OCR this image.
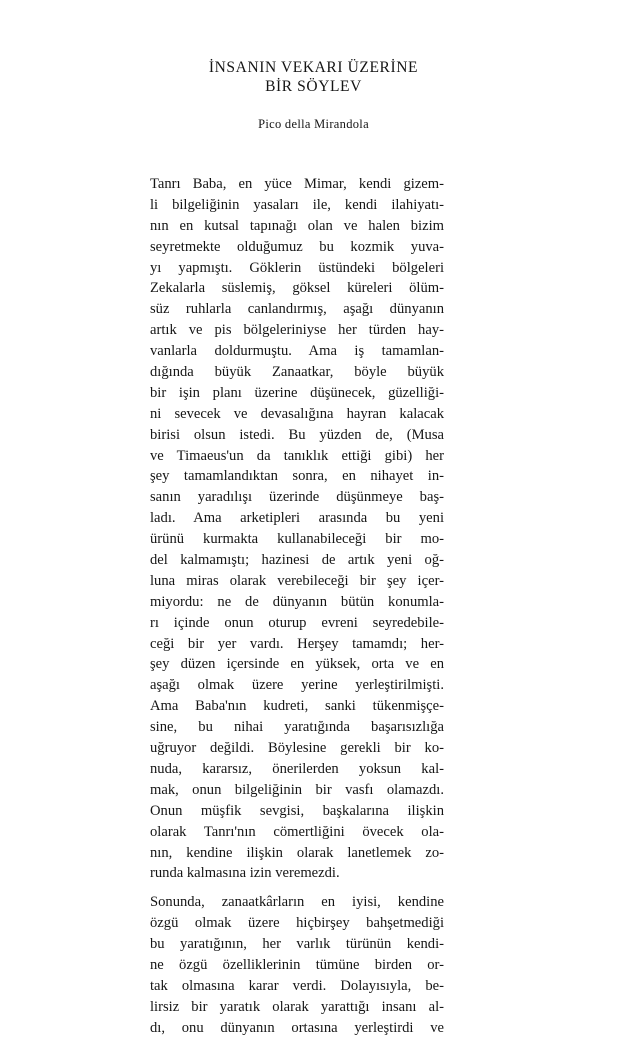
İNSANIN VEKARI ÜZERİNE
BİR SÖYLEV
Pico della Mirandola

Tanrı Baba, en yüce Mimar, kendi gizem-
li bilgeliğinin yasaları ile, kendi ilahiyatı-
nın en kutsal tapınağı olan ve halen bizim
seyretmekte olduğumuz bu kozmik yuva-
yı yapmıştı. Göklerin üstündeki bölgeleri
Zekalarla süslemiş, göksel küreleri ölüm-
süz ruhlarla canlandırmış, aşağı dünyanın
artık ve pis bölgeleriniyse her türden hay-
vanlarla doldurmuştu. Ama iş tamamlan-
dığında büyük Zanaatkar, böyle büyük
bir işin planı üzerine düşünecek, güzelliği-
ni sevecek ve devasalığına hayran kalacak
birisi olsun istedi. Bu yüzden de, (Musa
ve Timaeus'un da tanıklık ettiği gibi) her
şey tamamlandıktan sonra, en nihayet in-
sanın yaradılışı üzerinde düşünmeye baş-
ladı. Ama arketipleri arasında bu yeni
ürünü kurmakta kullanabileceği bir mo-
del kalmamıştı; hazinesi de artık yeni oğ-
luna miras olarak verebileceği bir şey içer-
miyordu: ne de dünyanın bütün konumla-
rı içinde onun oturup evreni seyredebile-
ceği bir yer vardı. Herşey tamamdı; her-
şey düzen içersinde en yüksek, orta ve en
aşağı olmak üzere yerine yerleştirilmişti.
Ama Baba'nın kudreti, sanki tükenmişçe-
sine, bu nihai yaratığında başarısızlığa
uğruyor değildi. Böylesine gerekli bir ko-
nuda, kararsız, önerilerden yoksun kal-
mak, onun bilgeliğinin bir vasfı olamazdı.
Onun müşfik sevgisi, başkalarına ilişkin
olarak Tanrı'nın cömertliğini övecek ola-
nın, kendine ilişkin olarak lanetlemek zo-
runda kalmasına izin veremezdi.

Sonunda, zanaatkârların en iyisi, kendine
özgü olmak üzere hiçbirşey bahşetmediği
bu yaratığının, her varlık türünün kendi-
ne özgü özelliklerinin tümüne birden or-
tak olmasına karar verdi. Dolayısıyla, be-
lirsiz bir yaratık olarak yarattığı insanı al-
dı, onu dünyanın ortasına yerleştirdi ve
